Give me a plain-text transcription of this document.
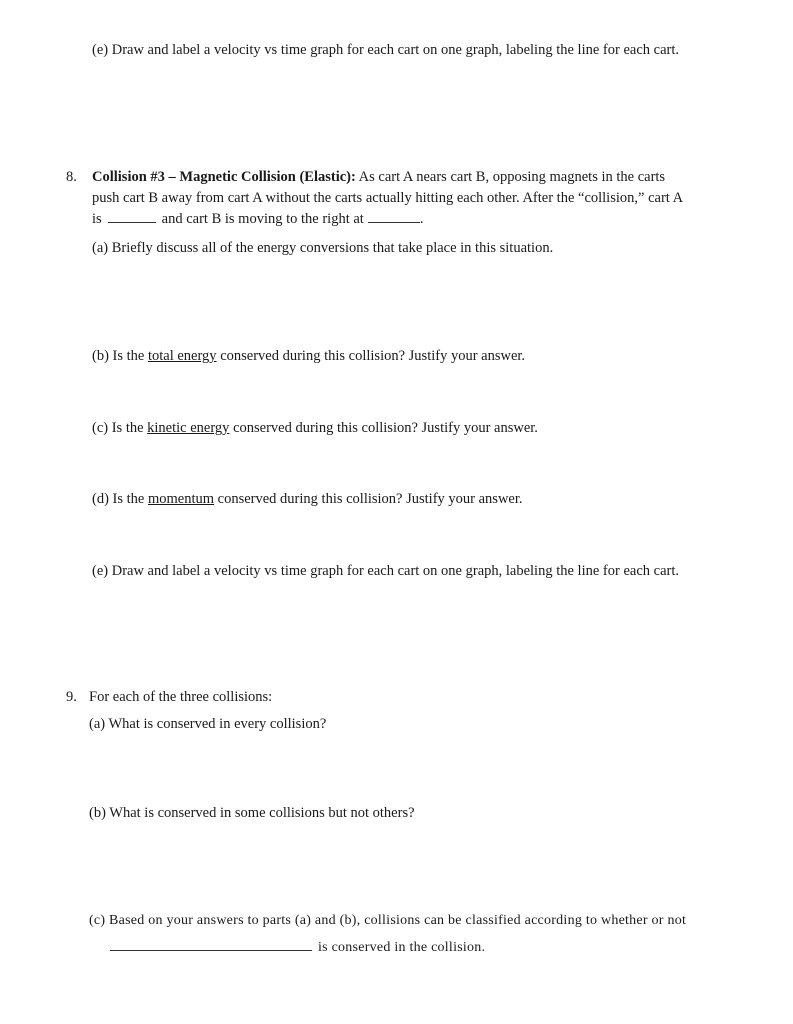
(e) Draw and label a velocity vs time graph for each cart on one graph, labeling the line for each cart.
8. Collision #3 – Magnetic Collision (Elastic): As cart A nears cart B, opposing magnets in the carts
push cart B away from cart A without the carts actually hitting each other. After the “collision,” cart A
is	and cart B is moving to the right at	.
(a) Briefly discuss all of the energy conversions that take place in this situation.
(b) Is the total energy conserved during this collision? Justify your answer.
(c) Is the kinetic energy conserved during this collision? Justify your answer.
(d) Is the momentum conserved during this collision? Justify your answer.
(e) Draw and label a velocity vs time graph for each cart on one graph, labeling the line for each cart.
9. For each of the three collisions:
(a) What is conserved in every collision?
(b) What is conserved in some collisions but not others?
(c) Based on your answers to parts (a) and (b), collisions can be classified according to whether or not
is conserved in the collision.
